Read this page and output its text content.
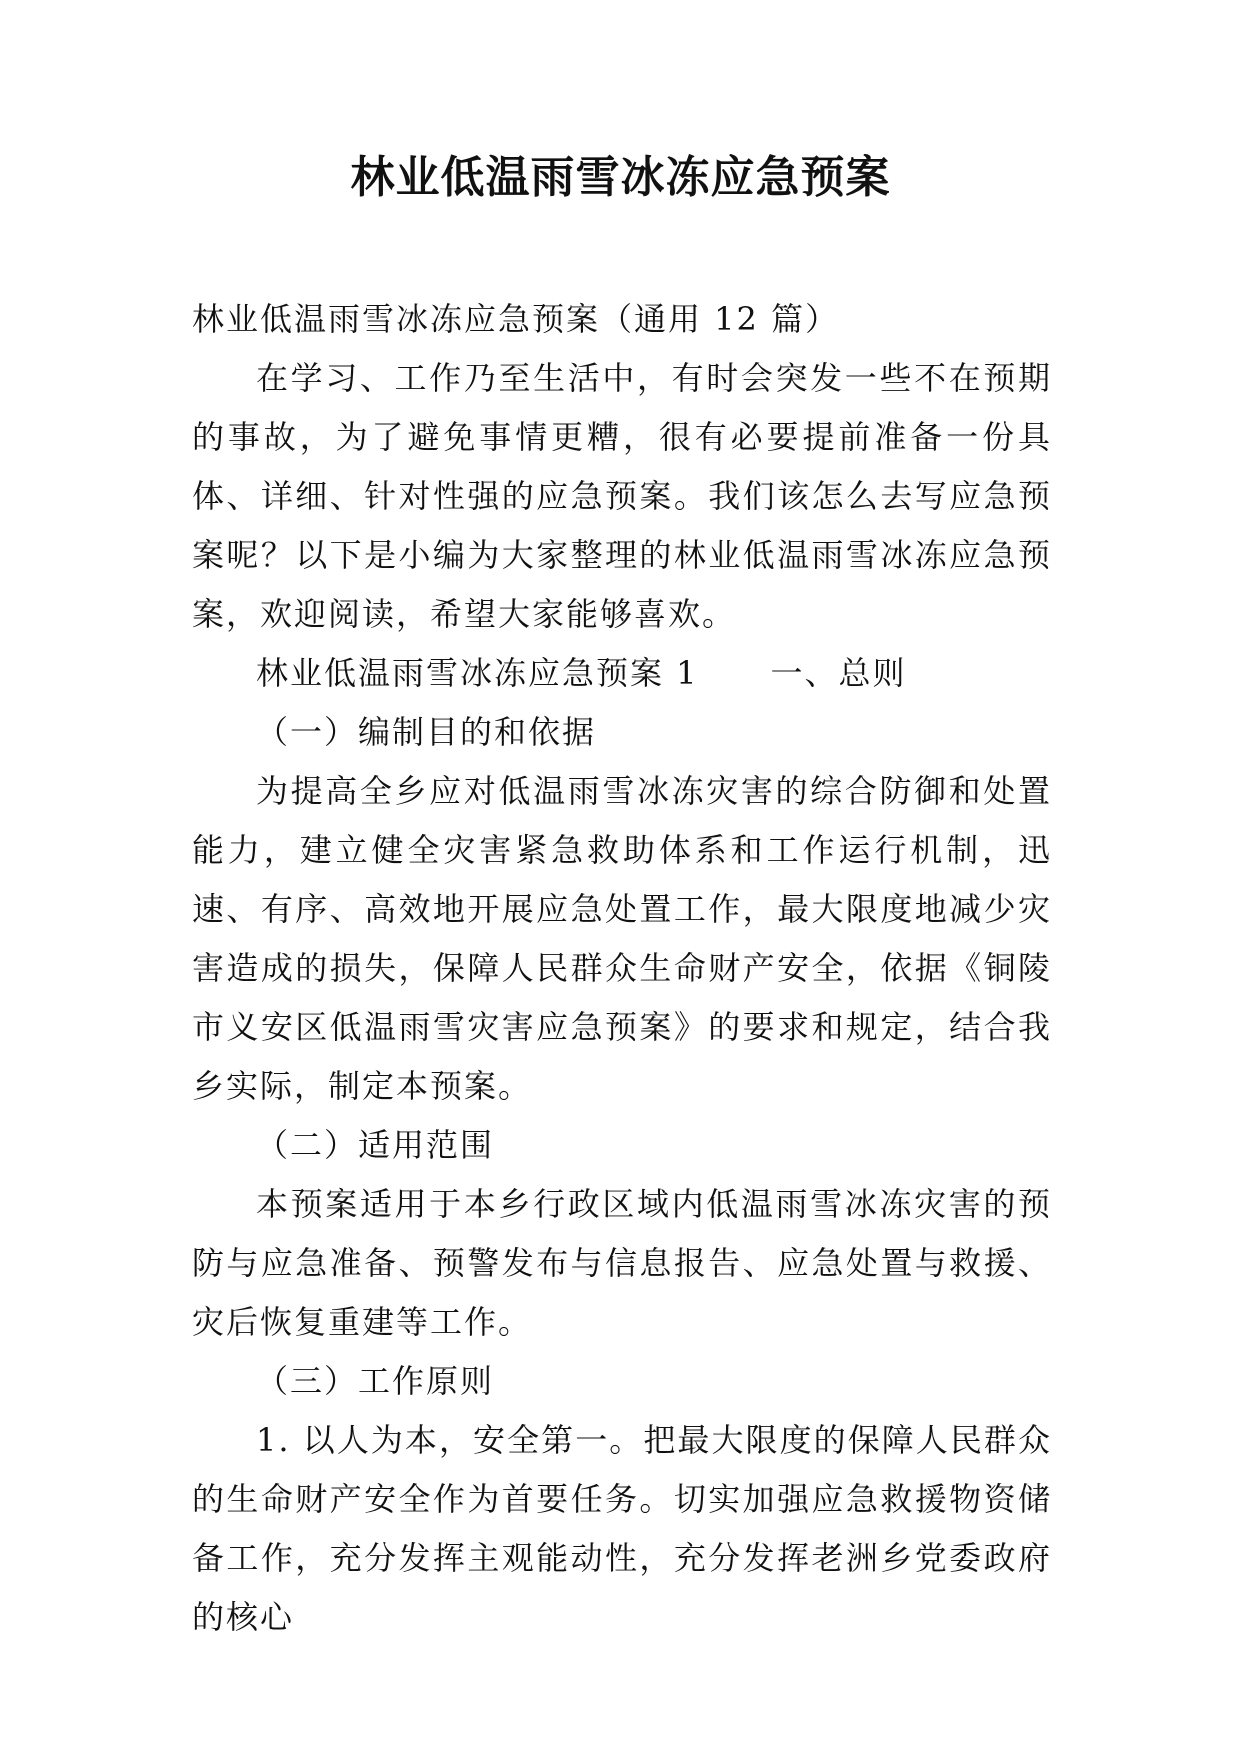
林业低温雨雪冰冻应急预案

林业低温雨雪冰冻应急预案（通用 12 篇）

在学习、工作乃至生活中，有时会突发一些不在预期的事故，为了避免事情更糟，很有必要提前准备一份具体、详细、针对性强的应急预案。我们该怎么去写应急预案呢？以下是小编为大家整理的林业低温雨雪冰冻应急预案，欢迎阅读，希望大家能够喜欢。

林业低温雨雪冰冻应急预案 1 一、总则

（一）编制目的和依据

为提高全乡应对低温雨雪冰冻灾害的综合防御和处置能力，建立健全灾害紧急救助体系和工作运行机制，迅速、有序、高效地开展应急处置工作，最大限度地减少灾害造成的损失，保障人民群众生命财产安全，依据《铜陵市义安区低温雨雪灾害应急预案》的要求和规定，结合我乡实际，制定本预案。

（二）适用范围

本预案适用于本乡行政区域内低温雨雪冰冻灾害的预防与应急准备、预警发布与信息报告、应急处置与救援、灾后恢复重建等工作。

（三）工作原则

1. 以人为本，安全第一。把最大限度的保障人民群众的生命财产安全作为首要任务。切实加强应急救援物资储备工作，充分发挥主观能动性，充分发挥老洲乡党委政府的核心
